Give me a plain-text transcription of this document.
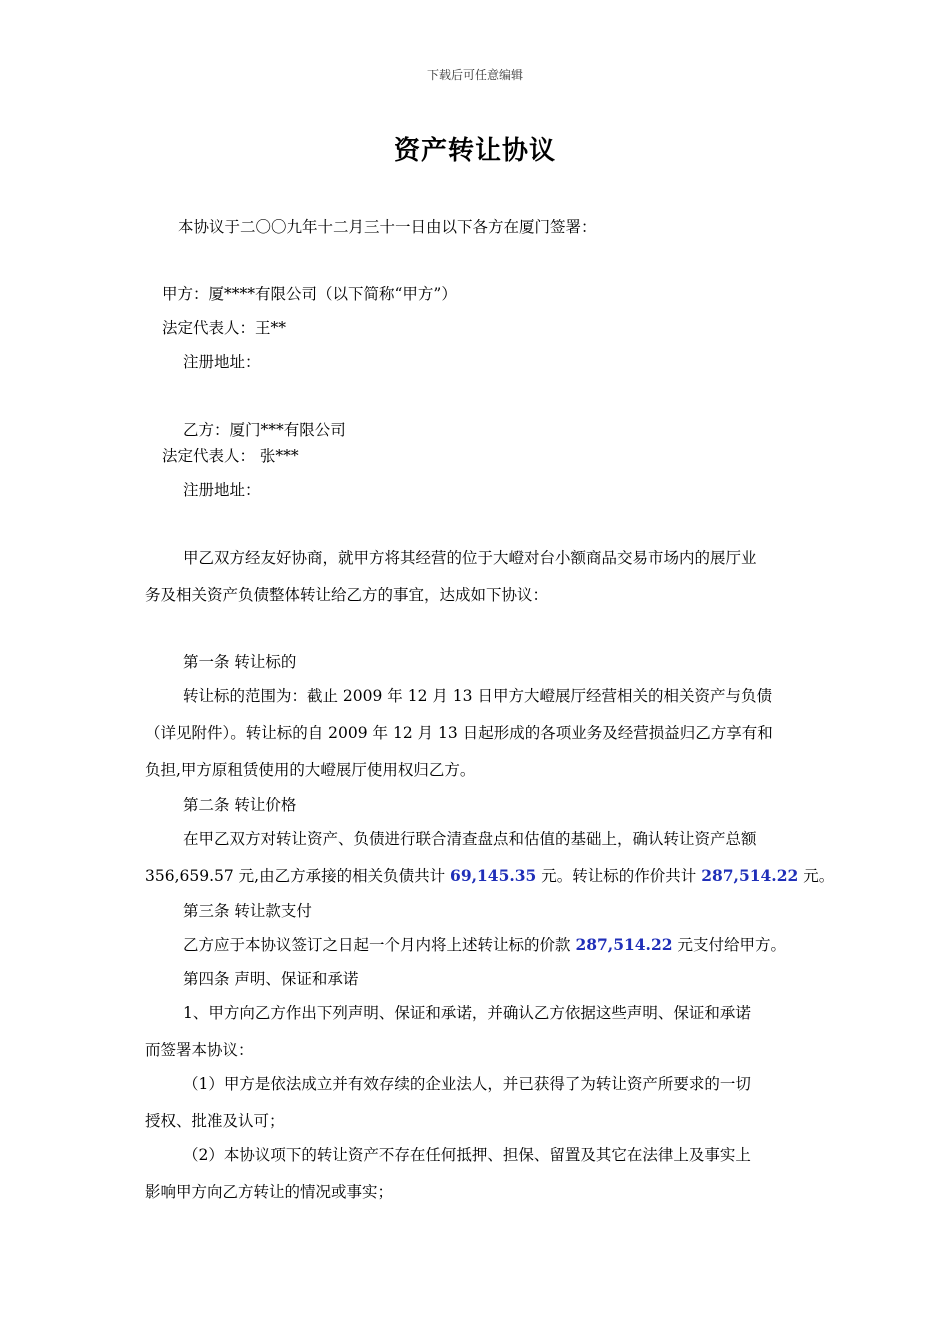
下载后可任意编辑
资产转让协议
本协议于二〇〇九年十二月三十一日由以下各方在厦门签署：
甲方：厦****有限公司（以下简称“甲方”）
法定代表人：王**
注册地址：
乙方：厦门***有限公司
法定代表人： 张***
注册地址：
甲乙双方经友好协商，就甲方将其经营的位于大嶝对台小额商品交易市场内的展厅业
务及相关资产负债整体转让给乙方的事宜，达成如下协议：
第一条 转让标的
转让标的范围为：截止 2009 年 12 月 13 日甲方大嶝展厅经营相关的相关资产与负债
（详见附件）。转让标的自 2009 年 12 月 13 日起形成的各项业务及经营损益归乙方享有和
负担,甲方原租赁使用的大嶝展厅使用权归乙方。
第二条 转让价格
在甲乙双方对转让资产、负债进行联合清查盘点和估值的基础上，确认转让资产总额
356,659.57 元,由乙方承接的相关负债共计 69,145.35 元。转让标的作价共计 287,514.22 元。
第三条 转让款支付
乙方应于本协议签订之日起一个月内将上述转让标的价款 287,514.22 元支付给甲方。
第四条 声明、保证和承诺
1、甲方向乙方作出下列声明、保证和承诺，并确认乙方依据这些声明、保证和承诺
而签署本协议：
（1）甲方是依法成立并有效存续的企业法人，并已获得了为转让资产所要求的一切
授权、批准及认可；
（2）本协议项下的转让资产不存在任何抵押、担保、留置及其它在法律上及事实上
影响甲方向乙方转让的情况或事实；
